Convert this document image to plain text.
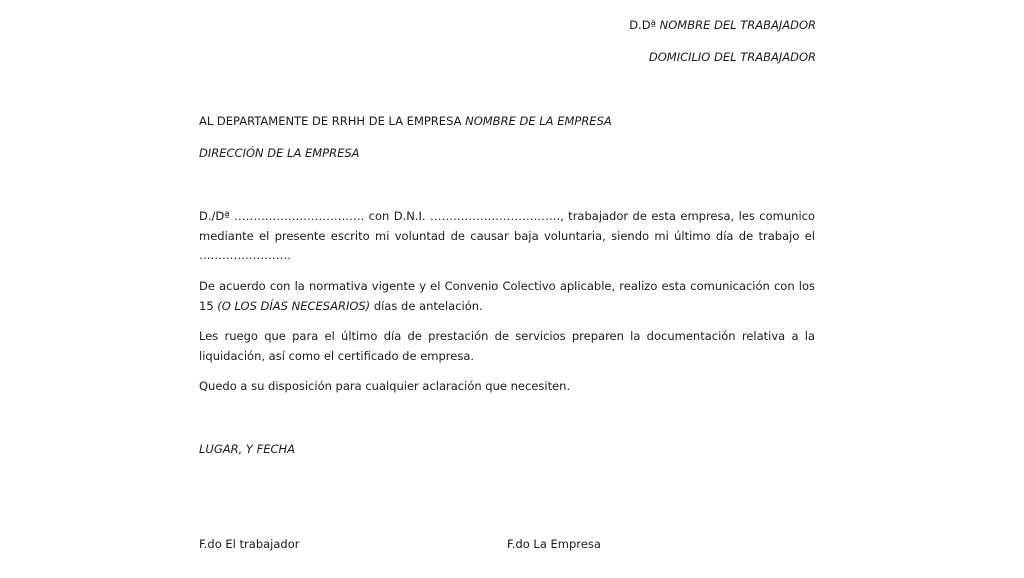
D.Dª NOMBRE DEL TRABAJADOR
DOMICILIO DEL TRABAJADOR
AL DEPARTAMENTE DE RRHH DE LA EMPRESA NOMBRE DE LA EMPRESA
DIRECCIÓN DE LA EMPRESA
D./Dª ……………………………. con D.N.I. ……………………………., trabajador de esta empresa, les comunico mediante el presente escrito mi voluntad de causar baja voluntaria, siendo mi último día de trabajo el ……………………
De acuerdo con la normativa vigente y el Convenio Colectivo aplicable, realizo esta comunicación con los 15 (O LOS DÍAS NECESARIOS) días de antelación.
Les ruego que para el último día de prestación de servicios preparen la documentación relativa a la liquidación, así como el certificado de empresa.
Quedo a su disposición para cualquier aclaración que necesiten.
LUGAR, Y FECHA
F.do El trabajador	F.do La Empresa
